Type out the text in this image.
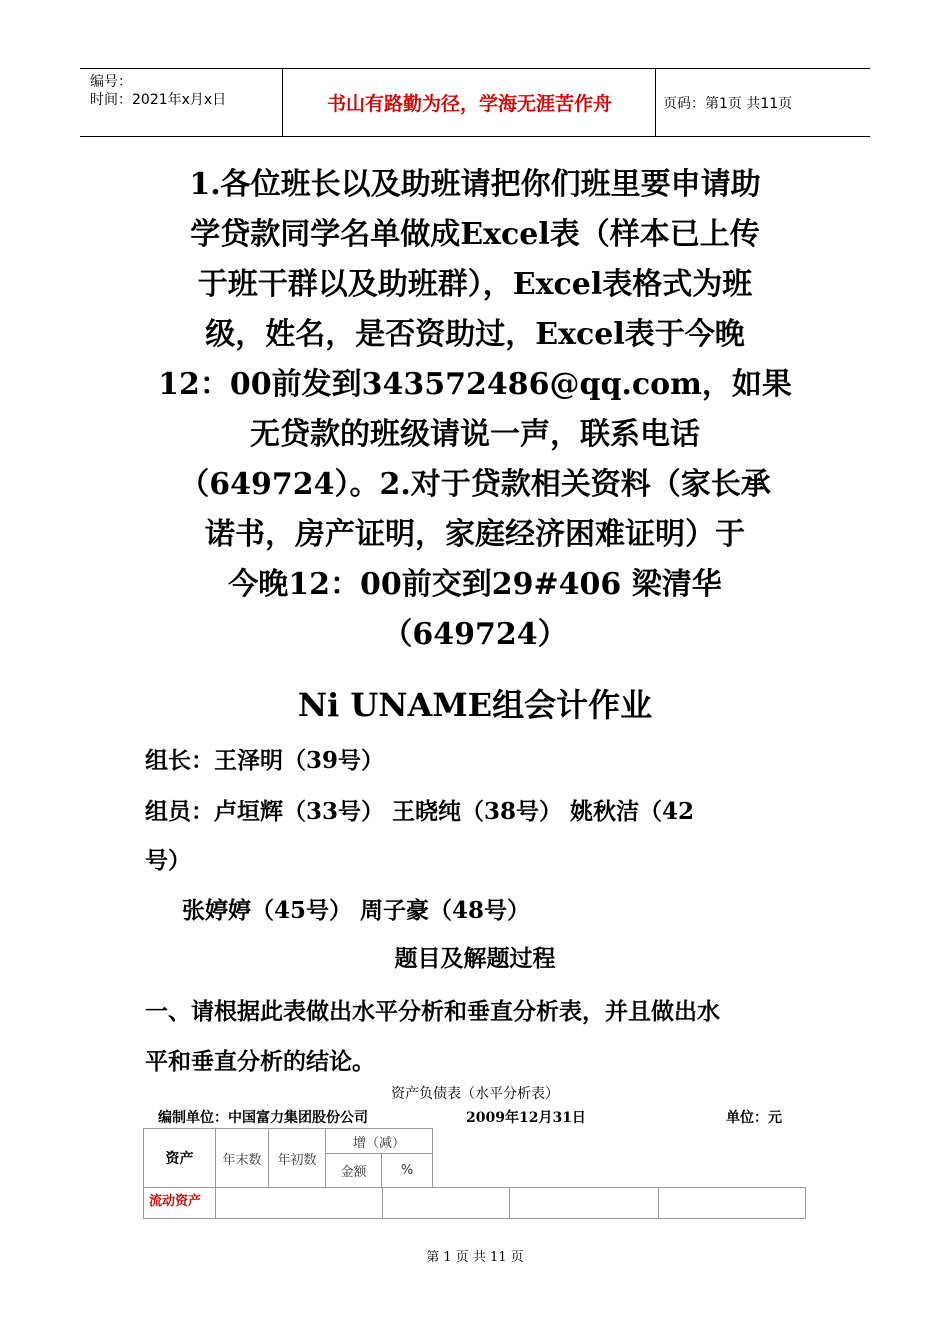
编号：
时间：2021年x月x日	书山有路勤为径，学海无涯苦作舟	页码：第1页 共11页
1.各位班长以及助班请把你们班里要申请助
学贷款同学名单做成Excel表（样本已上传
于班干群以及助班群），Excel表格式为班
级，姓名，是否资助过，Excel表于今晚
12：00前发到343572486@qq.com，如果
无贷款的班级请说一声，联系电话
（649724）。2.对于贷款相关资料（家长承
诺书，房产证明，家庭经济困难证明）于
今晚12：00前交到29#406 梁清华
（649724）
Ni UNAME组会计作业
组长：王泽明（39号）
组员：卢垣辉（33号） 王晓纯（38号） 姚秋洁（42
号）
张婷婷（45号） 周子豪（48号）
题目及解题过程
一、请根据此表做出水平分析和垂直分析表，并且做出水
平和垂直分析的结论。
资产负债表（水平分析表）
编制单位：中国富力集团股份公司	2009年12月31日	单位：元
资产	年末数	年初数
增（减）
金额	%
流动资产
第 1 页 共 11 页
